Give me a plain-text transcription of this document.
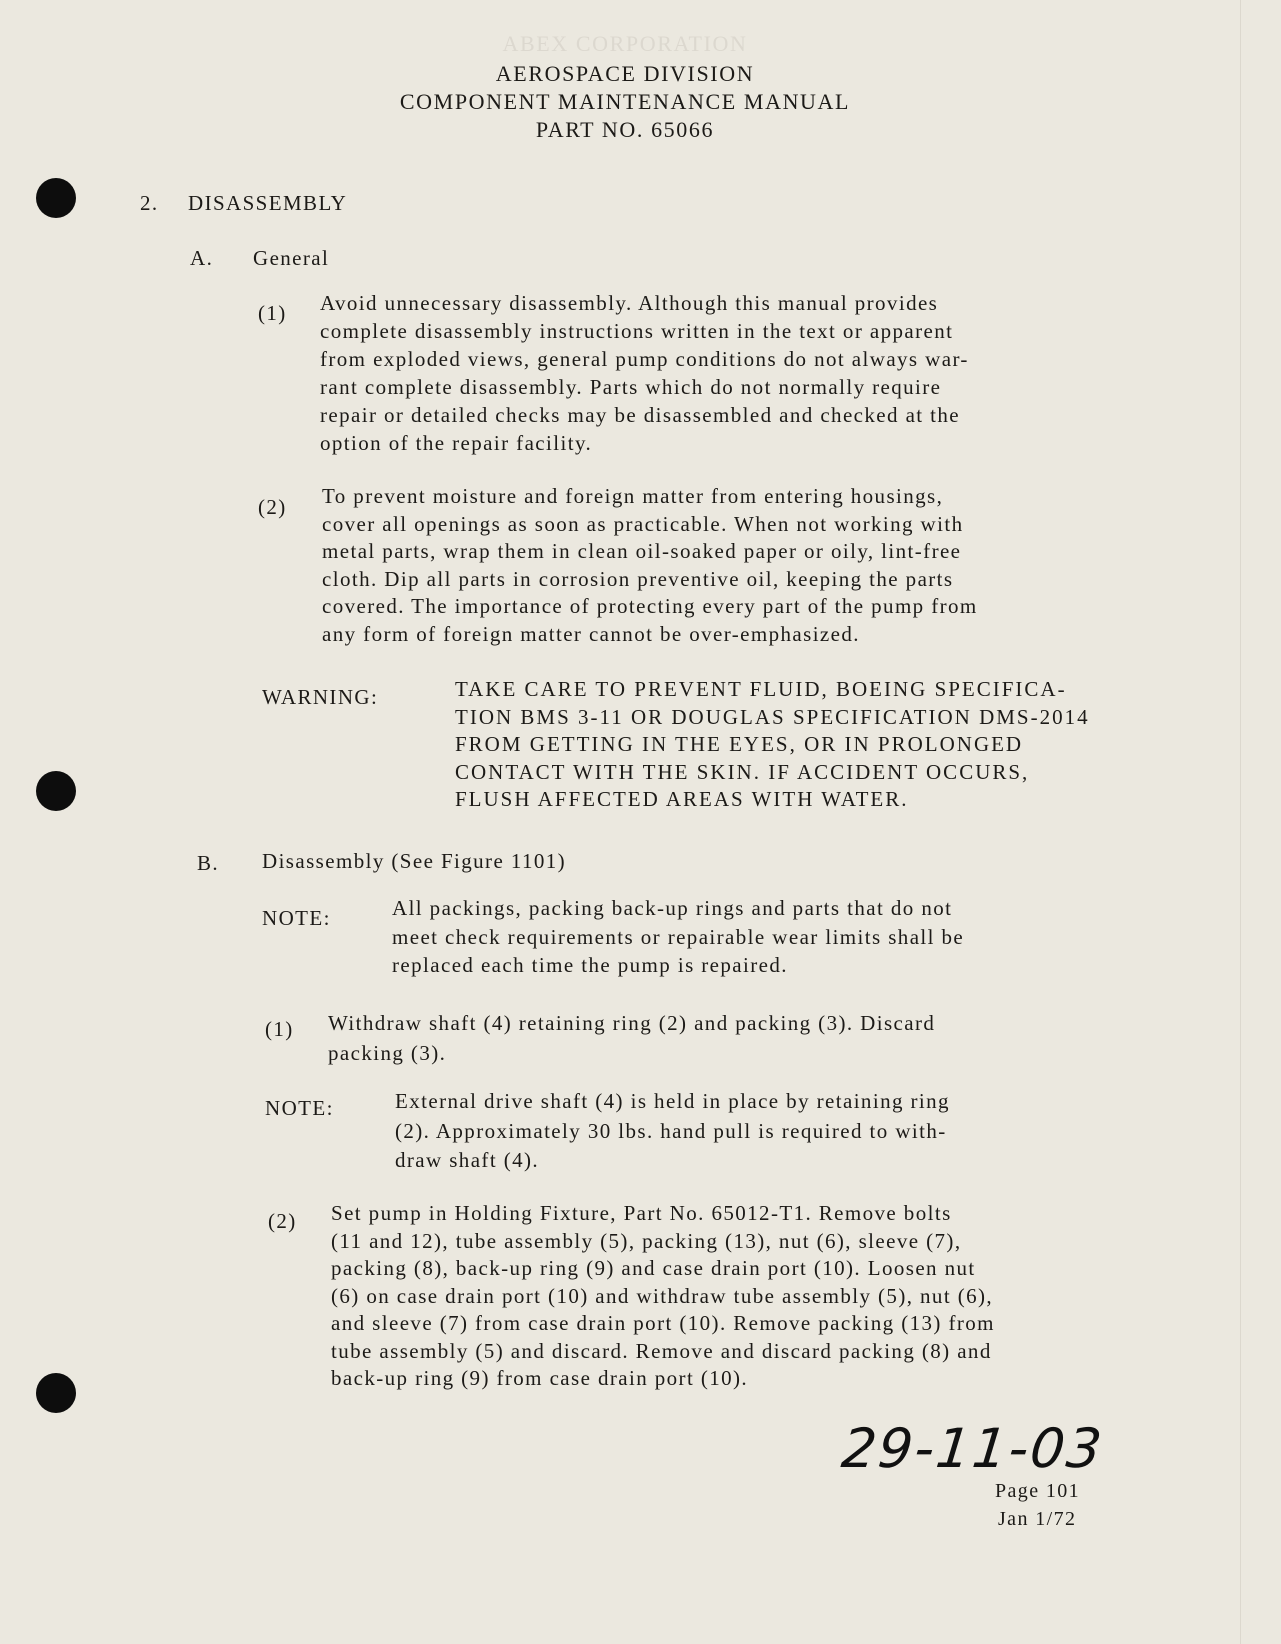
ABEX CORPORATION
AEROSPACE DIVISION
COMPONENT MAINTENANCE MANUAL
PART NO. 65066
2. DISASSEMBLY
A. General
(1) Avoid unnecessary disassembly. Although this manual provides
complete disassembly instructions written in the text or apparent
from exploded views, general pump conditions do not always war-
rant complete disassembly. Parts which do not normally require
repair or detailed checks may be disassembled and checked at the
option of the repair facility.
(2) To prevent moisture and foreign matter from entering housings,
cover all openings as soon as practicable. When not working with
metal parts, wrap them in clean oil-soaked paper or oily, lint-free
cloth. Dip all parts in corrosion preventive oil, keeping the parts
covered. The importance of protecting every part of the pump from
any form of foreign matter cannot be over-emphasized.
WARNING:	TAKE CARE TO PREVENT FLUID, BOEING SPECIFICA-
TION BMS 3-11 OR DOUGLAS SPECIFICATION DMS-2014
FROM GETTING IN THE EYES, OR IN PROLONGED
CONTACT WITH THE SKIN. IF ACCIDENT OCCURS,
FLUSH AFFECTED AREAS WITH WATER.
B. Disassembly (See Figure 1101)
NOTE:	All packings, packing back-up rings and parts that do not
meet check requirements or repairable wear limits shall be
replaced each time the pump is repaired.
(1) Withdraw shaft (4) retaining ring (2) and packing (3). Discard
packing (3).
NOTE:	External drive shaft (4) is held in place by retaining ring
(2). Approximately 30 lbs. hand pull is required to with-
draw shaft (4).
(2) Set pump in Holding Fixture, Part No. 65012-T1. Remove bolts
(11 and 12), tube assembly (5), packing (13), nut (6), sleeve (7),
packing (8), back-up ring (9) and case drain port (10). Loosen nut
(6) on case drain port (10) and withdraw tube assembly (5), nut (6),
and sleeve (7) from case drain port (10). Remove packing (13) from
tube assembly (5) and discard. Remove and discard packing (8) and
back-up ring (9) from case drain port (10).
29-11-03
Page 101
Jan 1/72
